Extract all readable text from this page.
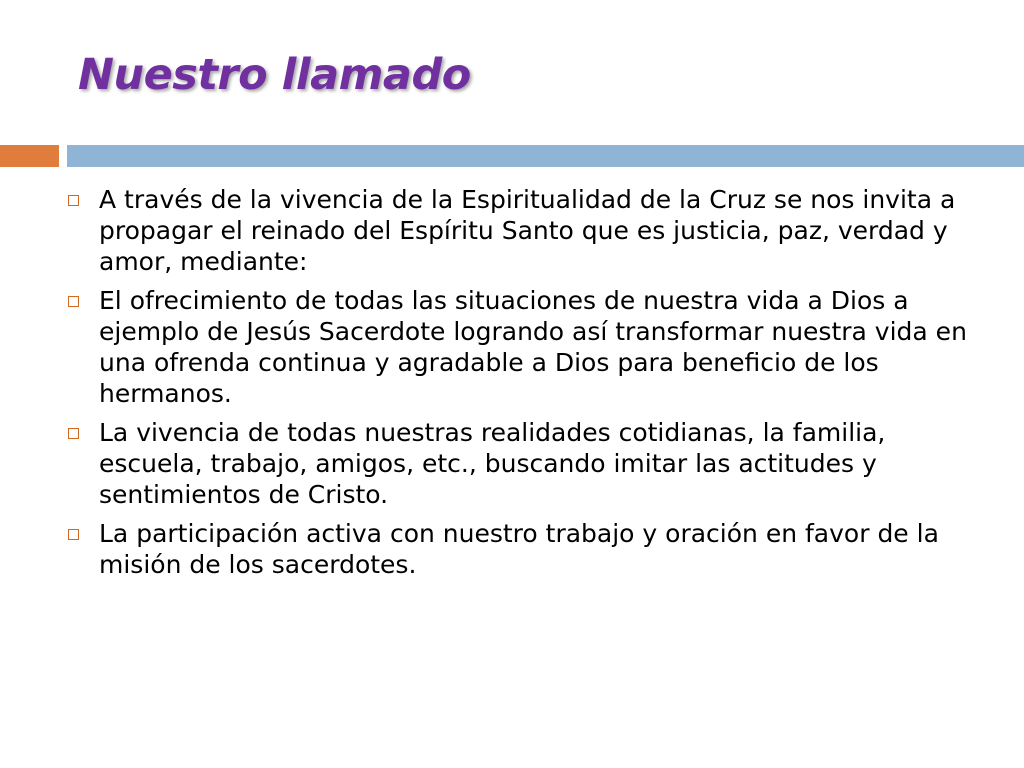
Nuestro llamado
A través de la vivencia de la Espiritualidad de la Cruz se nos invita a propagar el reinado del Espíritu Santo que es justicia, paz, verdad y amor, mediante:
El ofrecimiento de todas las situaciones de nuestra vida a Dios a ejemplo de Jesús Sacerdote logrando así transformar nuestra vida en una ofrenda continua y agradable a Dios para beneficio de los hermanos.
La vivencia de todas nuestras realidades cotidianas, la familia, escuela, trabajo, amigos, etc., buscando imitar las actitudes y sentimientos de Cristo.
La participación activa con nuestro trabajo y oración en favor de la misión de los sacerdotes.
